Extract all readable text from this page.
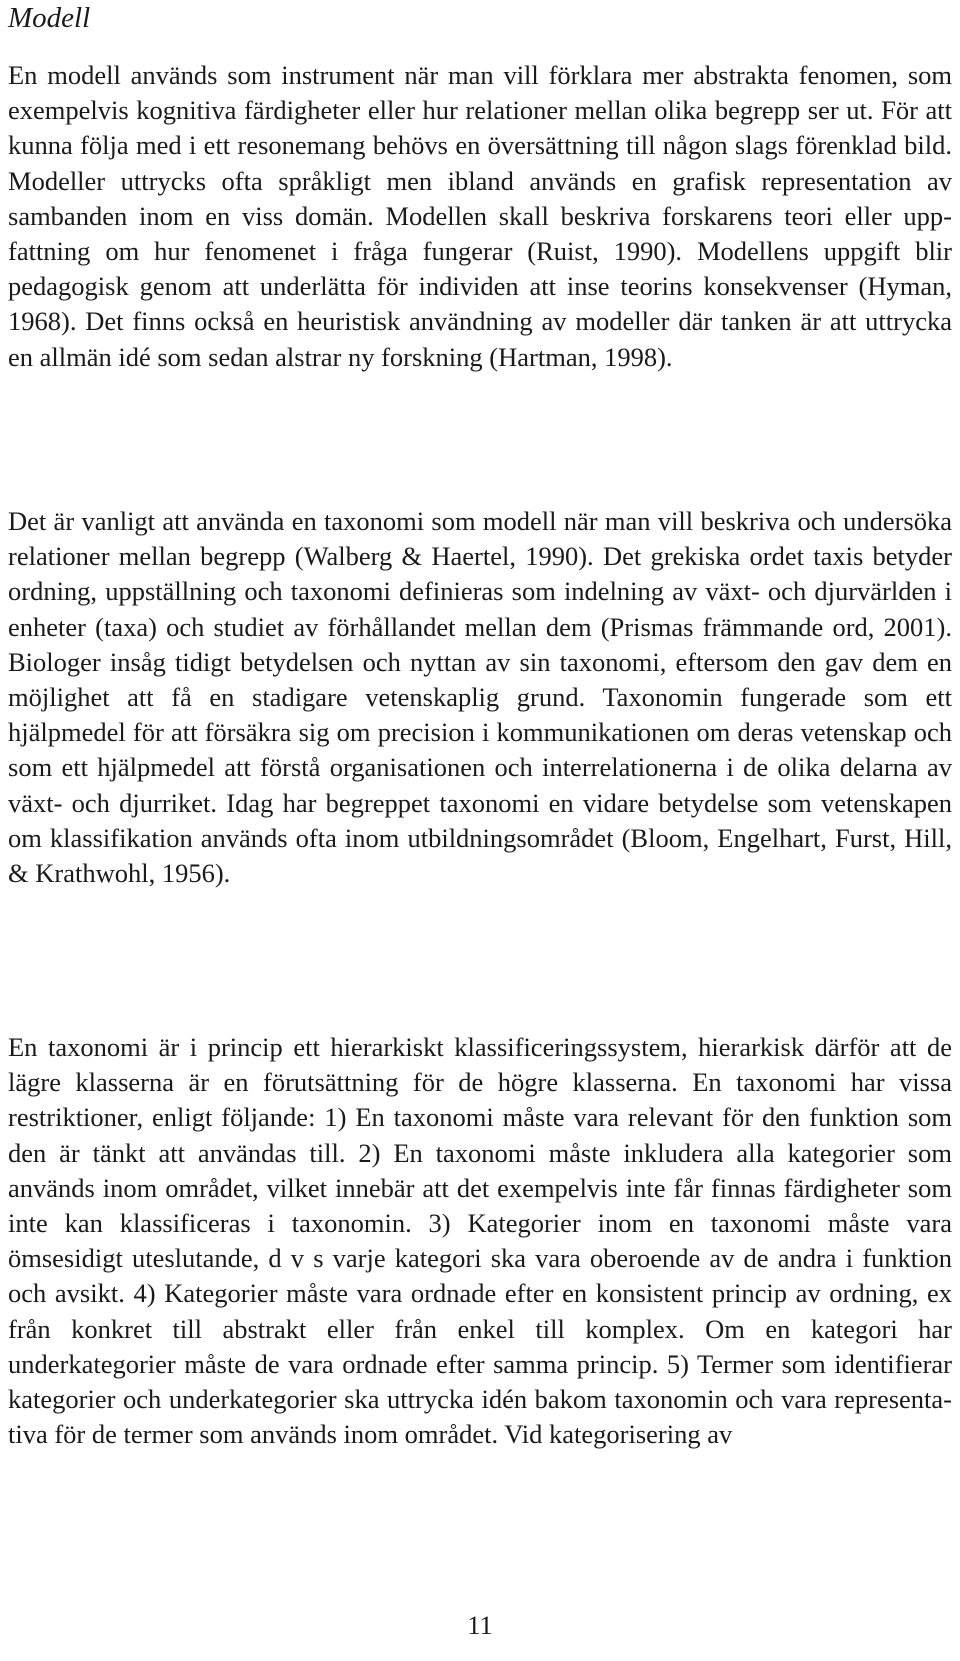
Modell

En modell används som instrument när man vill förklara mer abstrakta fenomen, som exempelvis kognitiva färdigheter eller hur relationer mellan olika begrepp ser ut. För att kunna följa med i ett resonemang behövs en översättning till någon slags förenklad bild. Modeller uttrycks ofta språkligt men ibland används en grafisk representation av sambanden inom en viss domän. Modellen skall beskriva forskarens teori eller uppfattning om hur fenomenet i fråga fungerar (Ruist, 1990). Modellens uppgift blir pedagogisk genom att underlätta för individen att inse teorins konsekvenser (Hyman, 1968). Det finns också en heuristisk användning av modeller där tanken är att uttrycka en allmän idé som sedan alstrar ny forskning (Hartman, 1998).

Det är vanligt att använda en taxonomi som modell när man vill beskriva och undersöka relationer mellan begrepp (Walberg & Haertel, 1990). Det grekiska ordet taxis betyder ordning, uppställning och taxonomi definieras som indelning av växt- och djurvärlden i enheter (taxa) och studiet av förhållandet mellan dem (Prismas främmande ord, 2001). Biologer insåg tidigt betydelsen och nyttan av sin taxonomi, eftersom den gav dem en möjlighet att få en stadigare vetenskaplig grund. Taxonomin fungerade som ett hjälpmedel för att försäkra sig om precision i kommunikationen om deras vetenskap och som ett hjälpmedel att förstå organisationen och interrelationerna i de olika delarna av växt- och djurriket. Idag har begreppet taxonomi en vidare betydelse som vetenskapen om klassifikation används ofta inom utbildningsområdet (Bloom, Engelhart, Furst, Hill, & Krathwohl, 1956).

En taxonomi är i princip ett hierarkiskt klassificeringssystem, hierarkisk därför att de lägre klasserna är en förutsättning för de högre klasserna. En taxonomi har vissa restriktioner, enligt följande: 1) En taxonomi måste vara relevant för den funktion som den är tänkt att användas till. 2) En taxonomi måste inkludera alla kategorier som används inom området, vilket innebär att det exempelvis inte får finnas färdigheter som inte kan klassificeras i taxonomin. 3) Kategorier inom en taxonomi måste vara ömsesidigt uteslutande, d v s varje kategori ska vara oberoende av de andra i funktion och avsikt. 4) Kategorier måste vara ordnade efter en konsistent princip av ordning, ex från konkret till abstrakt eller från enkel till komplex. Om en kategori har underkategorier måste de vara ordnade efter samma princip. 5) Termer som identifierar kategorier och underkategorier ska uttrycka idén bakom taxonomin och vara representativa för de termer som används inom området. Vid kategorisering av

11
